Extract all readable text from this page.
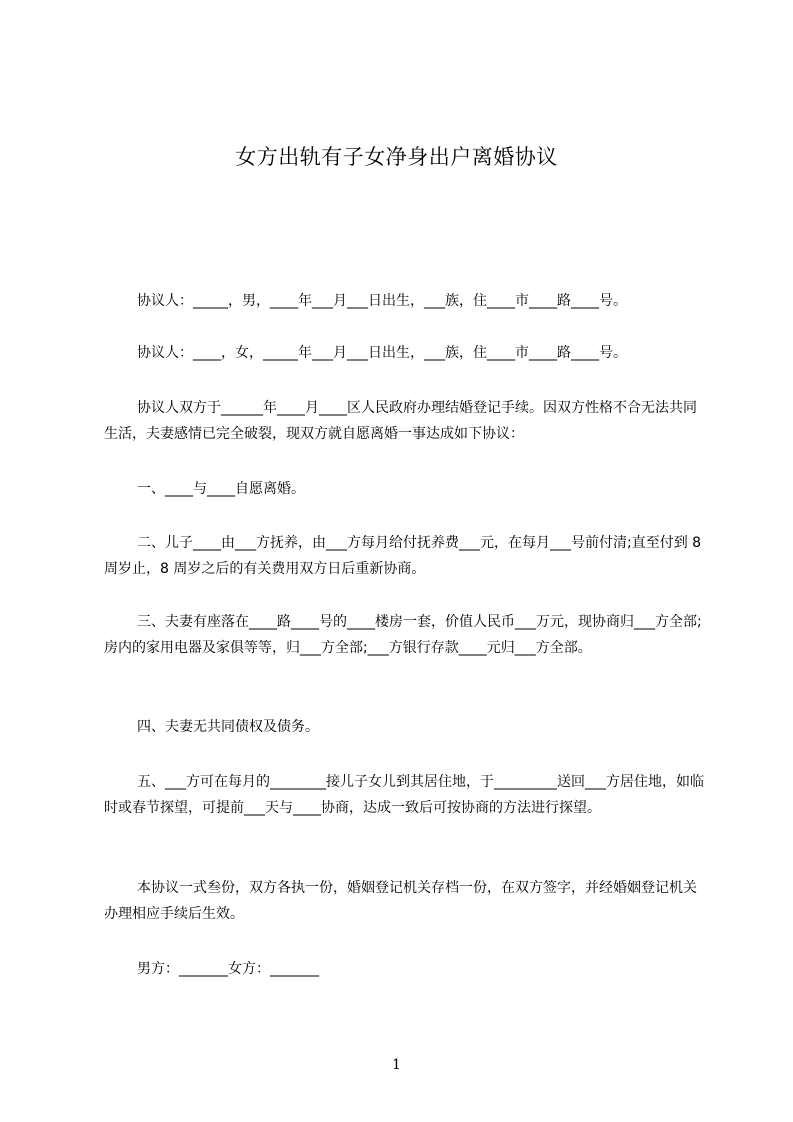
女方出轨有子女净身出户离婚协议

协议人：_____，男，____年___月___日出生，___族，住____市____路____号。

协议人：____，女，_____年___月___日出生，___族，住____市____路____号。

协议人双方于______年____月____区人民政府办理结婚登记手续。因双方性格不合无法共同生活，夫妻感情已完全破裂，现双方就自愿离婚一事达成如下协议：

一、____与____自愿离婚。

二、儿子____由___方抚养，由___方每月给付抚养费___元，在每月___号前付清;直至付到 8 周岁止，8 周岁之后的有关费用双方日后重新协商。

三、夫妻有座落在____路____号的____楼房一套，价值人民币___万元，现协商归___方全部;房内的家用电器及家俱等等，归___方全部;___方银行存款____元归___方全部。

四、夫妻无共同债权及债务。

五、___方可在每月的________接儿子女儿到其居住地，于_________送回___方居住地，如临时或春节探望，可提前___天与____协商，达成一致后可按协商的方法进行探望。

本协议一式叁份，双方各执一份，婚姻登记机关存档一份，在双方签字，并经婚姻登记机关办理相应手续后生效。

男方：_______女方：_______

1
